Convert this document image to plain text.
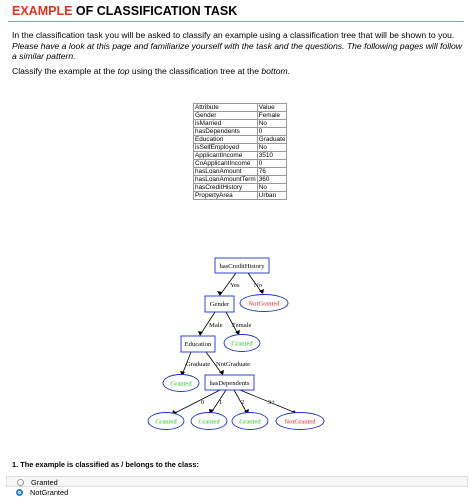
EXAMPLE OF CLASSIFICATION TASK

In the classification task you will be asked to classify an example using a classification tree that will be shown to you.

Please have a look at this page and familiarize yourself with the task and the questions. The following pages will follow a similar pattern.

Classify the example at the top using the classification tree at the bottom.
Attribute	Value
Gender	Female
isMarried	No
hasDependents	0
Education	Graduate
isSelfEmployed	No
ApplicantIncome	3510
CoApplicantIncome	0
hasLoanAmount	76
hasLoanAmountTerm	360
hasCreditHistory	No
PropertyArea	Urban
Yes No
Male Female
Graduate NotGraduate
0 1	2	3+
hasCreditHistory
Gender
Education
hasDependents
NotGranted
Granted
Granted
Granted	Granted	Granted	NotGranted
1. The example is classified as / belongs to the class:
Granted
NotGranted
